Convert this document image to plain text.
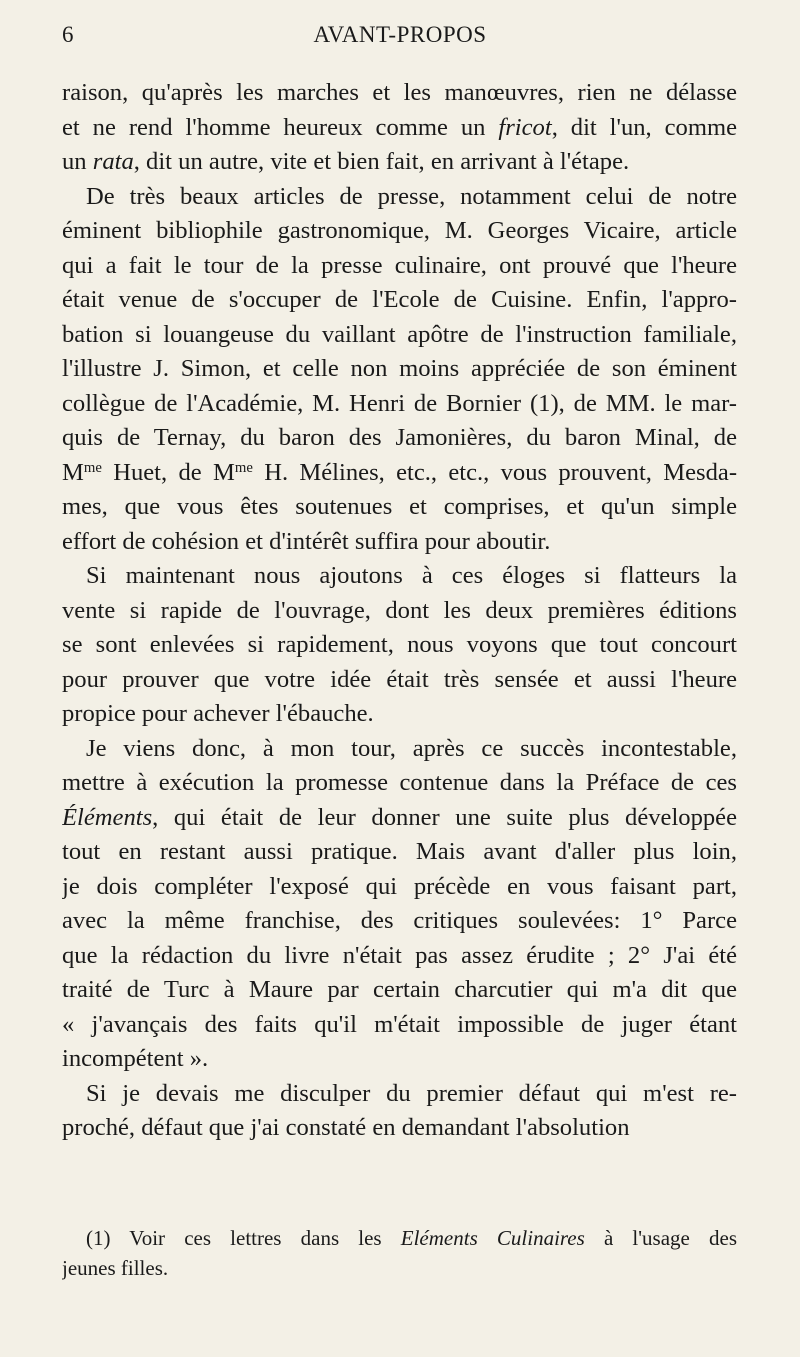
6	AVANT-PROPOS
raison, qu'après les marches et les manœuvres, rien ne délasse
et ne rend l'homme heureux comme un fricot, dit l'un, comme
un rata, dit un autre, vite et bien fait, en arrivant à l'étape.
De très beaux articles de presse, notamment celui de notre
éminent bibliophile gastronomique, M. Georges Vicaire, article
qui a fait le tour de la presse culinaire, ont prouvé que l'heure
était venue de s'occuper de l'Ecole de Cuisine. Enfin, l'appro-
bation si louangeuse du vaillant apôtre de l'instruction familiale,
l'illustre J. Simon, et celle non moins appréciée de son éminent
collègue de l'Académie, M. Henri de Bornier (1), de MM. le mar-
quis de Ternay, du baron des Jamonières, du baron Minal, de
$M^{me}$ Huet, de $M^{me}$ H. Mélines, etc., etc., vous prouvent, Mesda-
mes, que vous êtes soutenues et comprises, et qu'un simple
effort de cohésion et d'intérêt suffira pour aboutir.
Si maintenant nous ajoutons à ces éloges si flatteurs la
vente si rapide de l'ouvrage, dont les deux premières éditions
se sont enlevées si rapidement, nous voyons que tout concourt
pour prouver que votre idée était très sensée et aussi l'heure
propice pour achever l'ébauche.
Je viens donc, à mon tour, après ce succès incontestable,
mettre à exécution la promesse contenue dans la Préface de ces
Éléments, qui était de leur donner une suite plus développée
tout en restant aussi pratique. Mais avant d'aller plus loin,
je dois compléter l'exposé qui précède en vous faisant part,
avec la même franchise, des critiques soulevées: 1° Parce
que la rédaction du livre n'était pas assez érudite ; 2° J'ai été
traité de Turc à Maure par certain charcutier qui m'a dit que
« j'avançais des faits qu'il m'était impossible de juger étant
incompétent ».
Si je devais me disculper du premier défaut qui m'est re-
proché, défaut que j'ai constaté en demandant l'absolution
(1) Voir ces lettres dans les Eléments Culinaires à l'usage des
jeunes filles.
